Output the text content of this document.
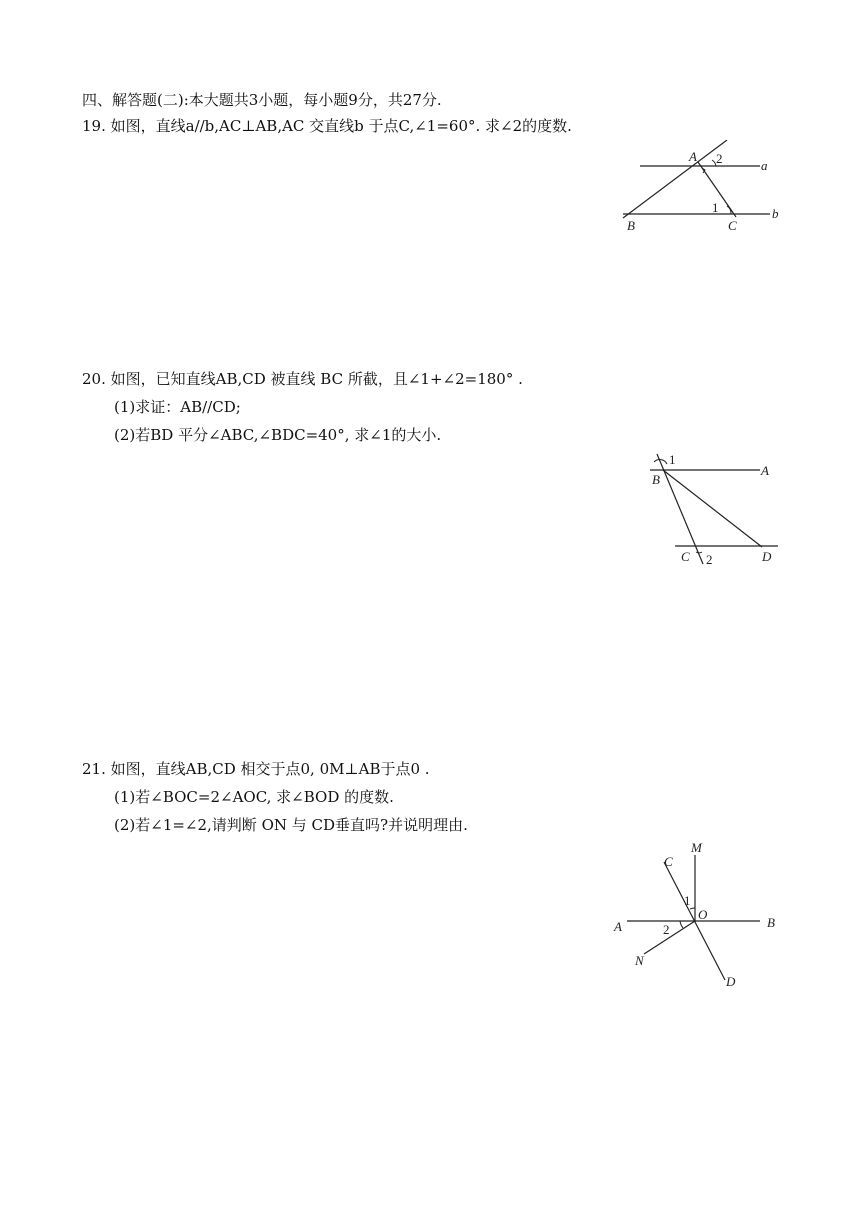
四、解答题(二):本大题共3小题，每小题9分，共27分.
19. 如图，直线a//b,AC⊥AB,AC 交直线b 于点C,∠1=60°. 求∠2的度数.
A
B	C
a
b
1
2
20. 如图，已知直线AB,CD 被直线 BC 所截，且∠1+∠2=180° .
(1)求证：AB//CD;
(2)若BD 平分∠ABC,∠BDC=40°, 求∠1的大小.
B
A
C	D
1
2
21. 如图，直线AB,CD 相交于点0, 0M⊥AB于点0 .
(1)若∠BOC=2∠AOC, 求∠BOD 的度数.
(2)若∠1=∠2,请判断 ON 与 CD垂直吗?并说明理由.
M
C
A	B
O
N
D
1
2
